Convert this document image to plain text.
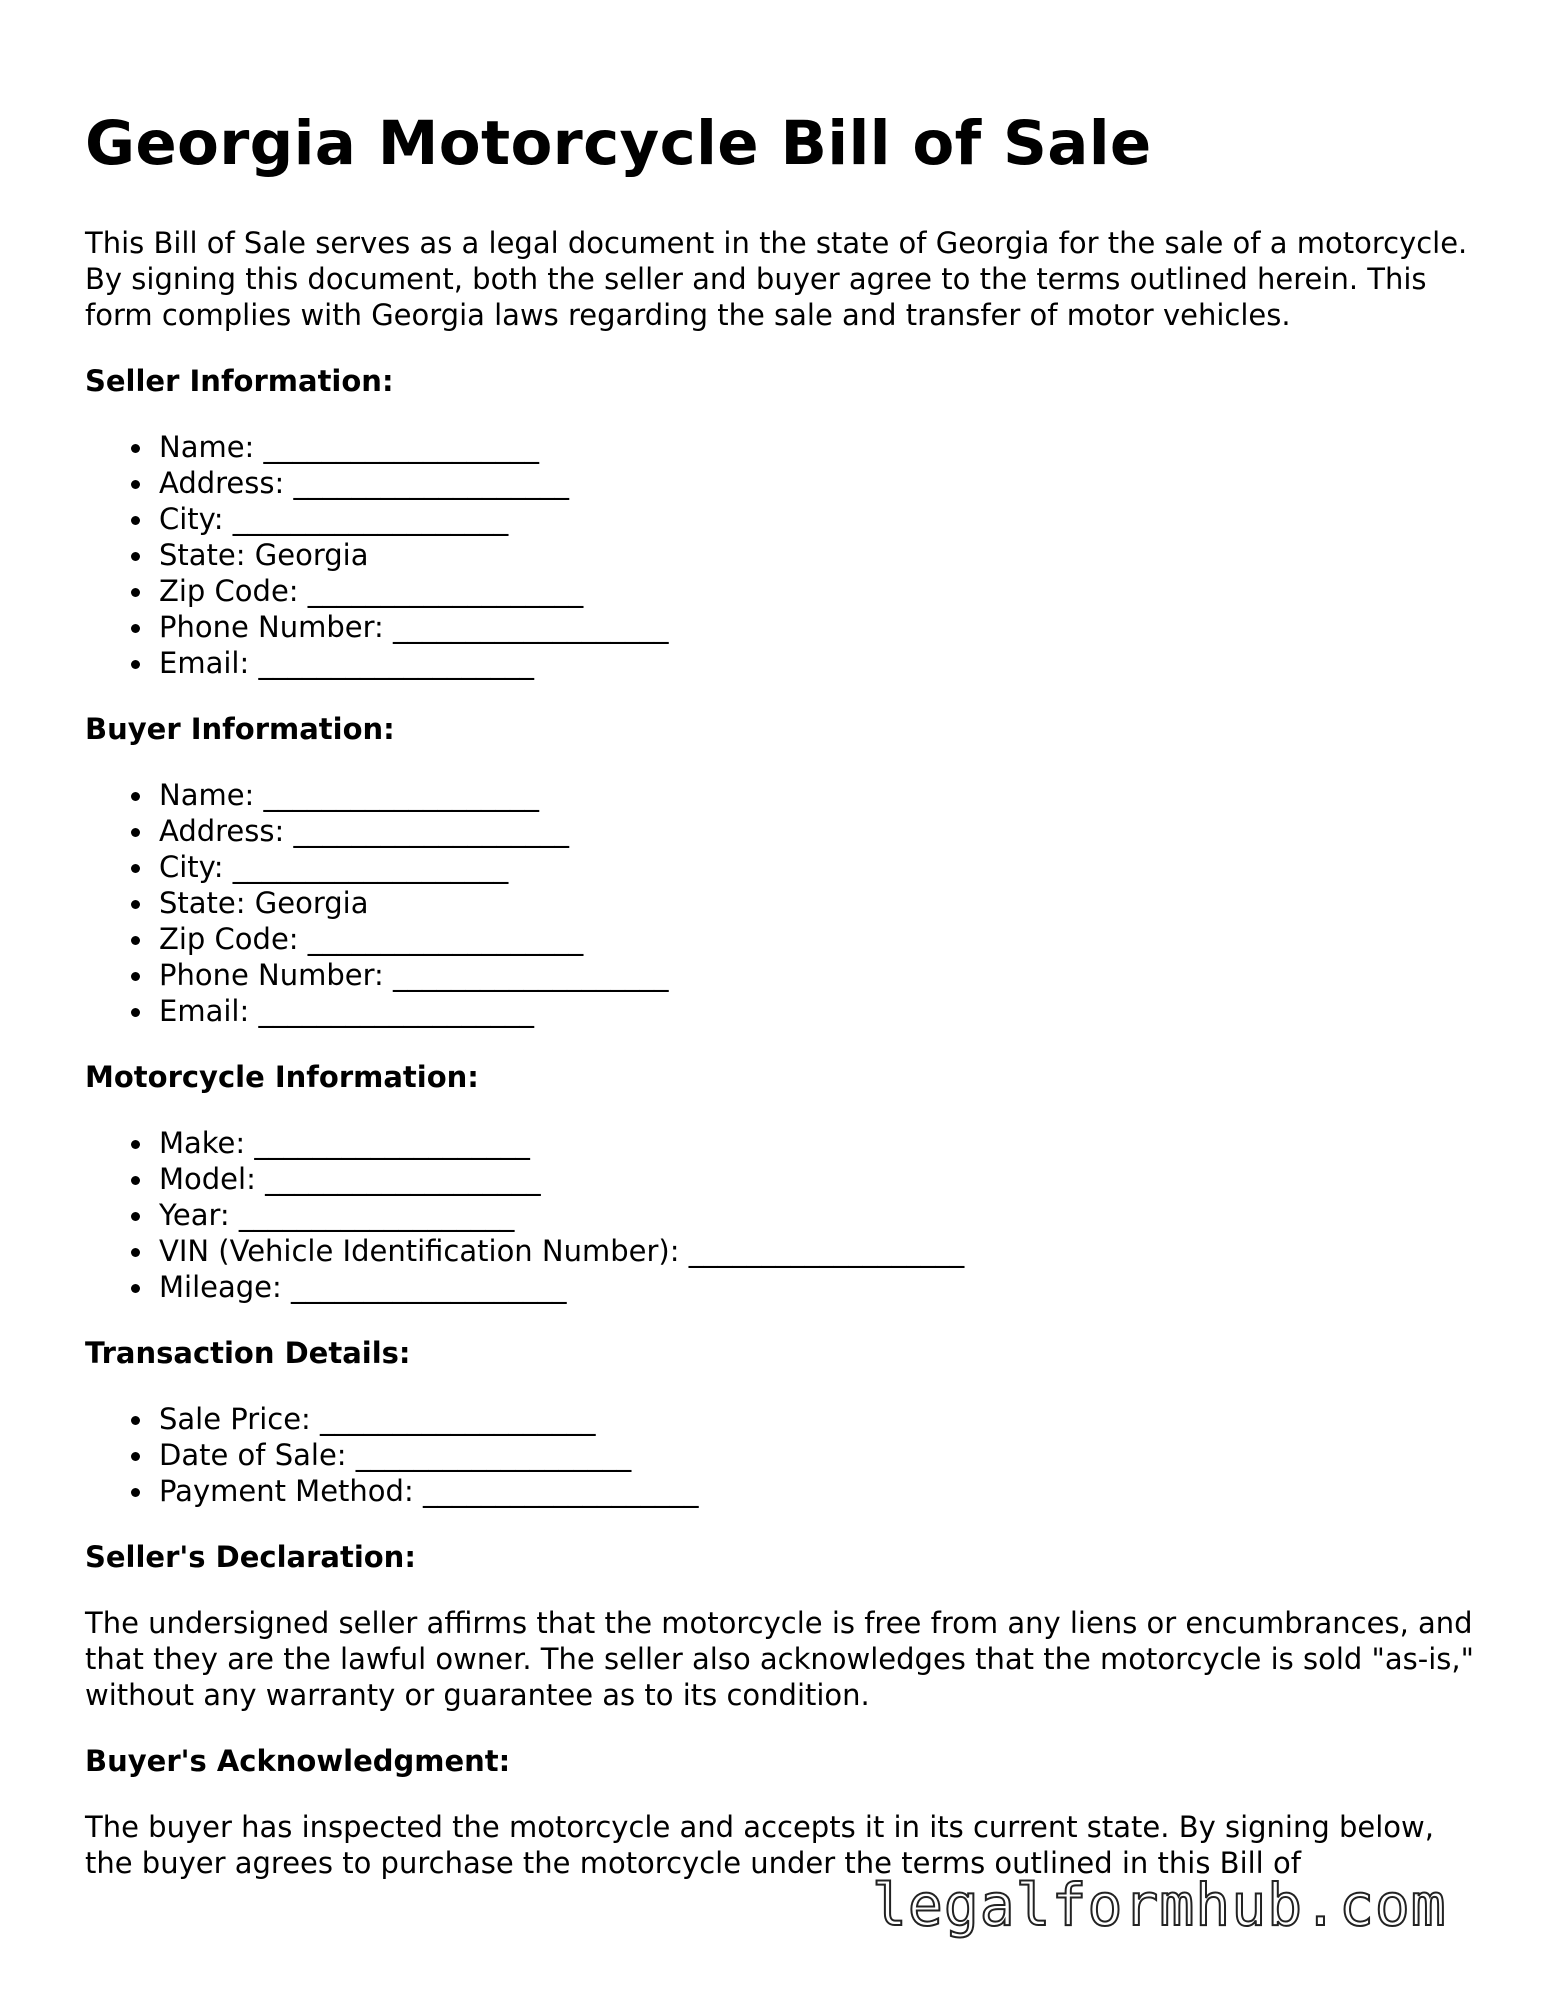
Georgia Motorcycle Bill of Sale

This Bill of Sale serves as a legal document in the state of Georgia for the sale of a motorcycle. By signing this document, both the seller and buyer agree to the terms outlined herein. This form complies with Georgia laws regarding the sale and transfer of motor vehicles.

Seller Information:
Name: ___________________
Address: ___________________
City: ___________________
State: Georgia
Zip Code: ___________________
Phone Number: ___________________
Email: ___________________
Buyer Information:
Name: ___________________
Address: ___________________
City: ___________________
State: Georgia
Zip Code: ___________________
Phone Number: ___________________
Email: ___________________
Motorcycle Information:
Make: ___________________
Model: ___________________
Year: ___________________
VIN (Vehicle Identification Number): ___________________
Mileage: ___________________
Transaction Details:
Sale Price: ___________________
Date of Sale: ___________________
Payment Method: ___________________
Seller's Declaration:

The undersigned seller affirms that the motorcycle is free from any liens or encumbrances, and that they are the lawful owner. The seller also acknowledges that the motorcycle is sold "as-is," without any warranty or guarantee as to its condition.

Buyer's Acknowledgment:

The buyer has inspected the motorcycle and accepts it in its current state. By signing below, the buyer agrees to purchase the motorcycle under the terms outlined in this Bill of

legalformhub.com
